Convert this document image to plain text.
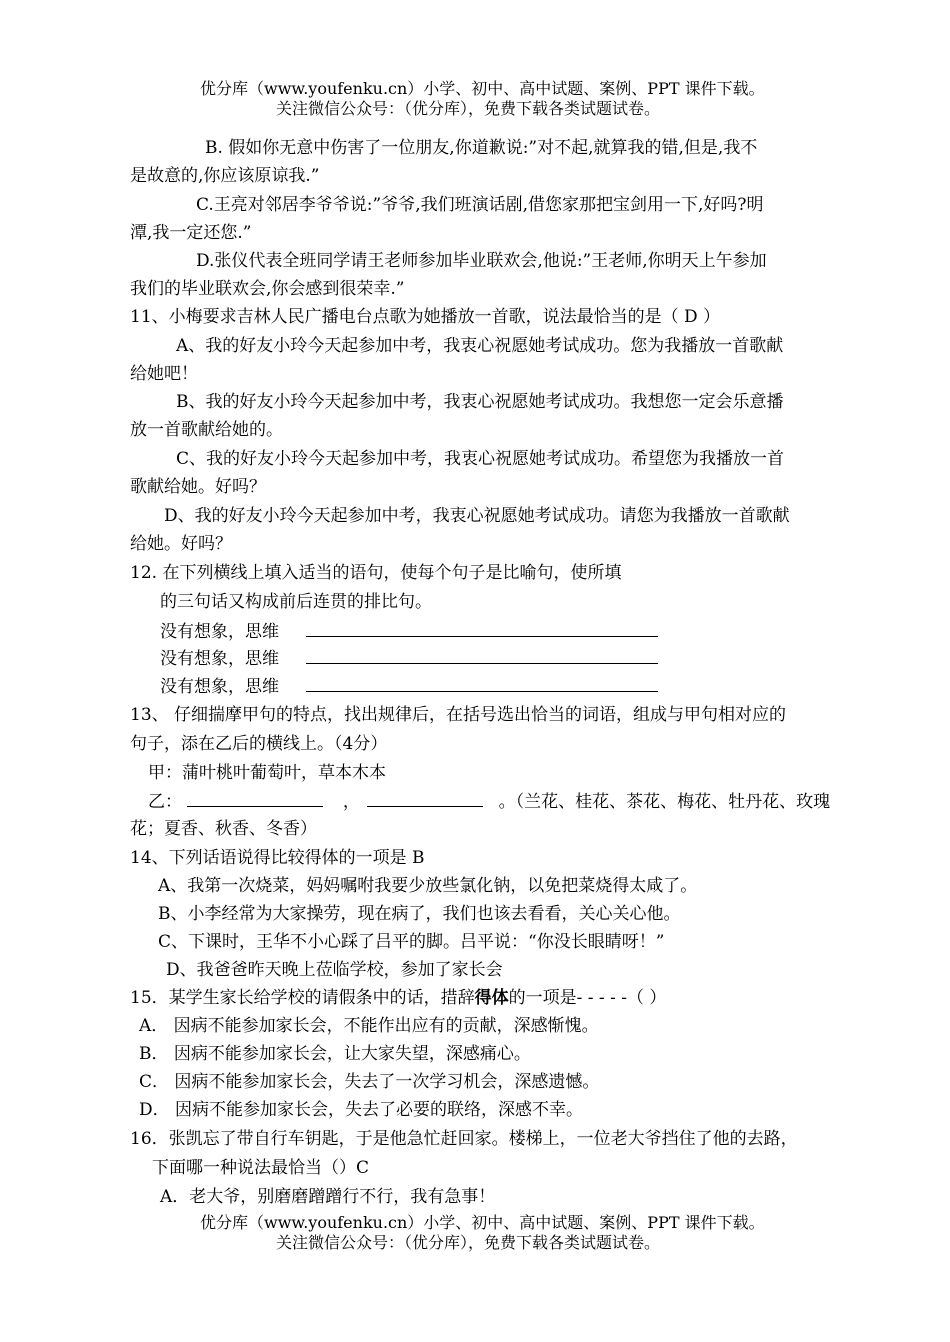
优分库（www.youfenku.cn）小学、初中、高中试题、案例、PPT 课件下载。
关注微信公众号：（优分库），免费下载各类试题试卷。
B. 假如你无意中伤害了一位朋友,你道歉说:”对不起,就算我的错,但是,我不
是故意的,你应该原谅我.”
C.王亮对邻居李爷爷说:”爷爷,我们班演话剧,借您家那把宝剑用一下,好吗?明
潭,我一定还您.”
D.张仪代表全班同学请王老师参加毕业联欢会,他说:”王老师,你明天上午参加
我们的毕业联欢会,你会感到很荣幸.”
11、小梅要求吉林人民广播电台点歌为她播放一首歌，说法最恰当的是（ D ）
A、我的好友小玲今天起参加中考，我衷心祝愿她考试成功。您为我播放一首歌献
给她吧！
B、我的好友小玲今天起参加中考，我衷心祝愿她考试成功。我想您一定会乐意播
放一首歌献给她的。
C、我的好友小玲今天起参加中考，我衷心祝愿她考试成功。希望您为我播放一首
歌献给她。好吗？
D、我的好友小玲今天起参加中考，我衷心祝愿她考试成功。请您为我播放一首歌献
给她。好吗？
12. 在下列横线上填入适当的语句，使每个句子是比喻句，使所填
的三句话又构成前后连贯的排比句。
没有想象，思维
没有想象，思维
没有想象，思维
13、 仔细揣摩甲句的特点，找出规律后，在括号选出恰当的词语，组成与甲句相对应的
句子，添在乙后的横线上。（4分）
甲：蒲叶桃叶葡萄叶，草本木本
乙：	，	。（兰花、桂花、茶花、梅花、牡丹花、玫瑰
花；夏香、秋香、冬香）
14、下列话语说得比较得体的一项是 B
A、我第一次烧菜，妈妈嘱咐我要少放些氯化钠，以免把菜烧得太咸了。
B、小李经常为大家操劳，现在病了，我们也该去看看，关心关心他。
C、下课时，王华不小心踩了吕平的脚。吕平说：“你没长眼睛呀！”
D、我爸爸昨天晚上莅临学校，参加了家长会
15．某学生家长给学校的请假条中的话，措辞得体的一项是- - - - -（ ）
A． 因病不能参加家长会，不能作出应有的贡献，深感惭愧。
B． 因病不能参加家长会，让大家失望，深感痛心。
C． 因病不能参加家长会，失去了一次学习机会，深感遗憾。
D． 因病不能参加家长会，失去了必要的联络，深感不幸。
16．张凯忘了带自行车钥匙，于是他急忙赶回家。楼梯上，一位老大爷挡住了他的去路，
下面哪一种说法最恰当（）C
A．老大爷，别磨磨蹭蹭行不行，我有急事！
优分库（www.youfenku.cn）小学、初中、高中试题、案例、PPT 课件下载。
关注微信公众号：（优分库），免费下载各类试题试卷。
